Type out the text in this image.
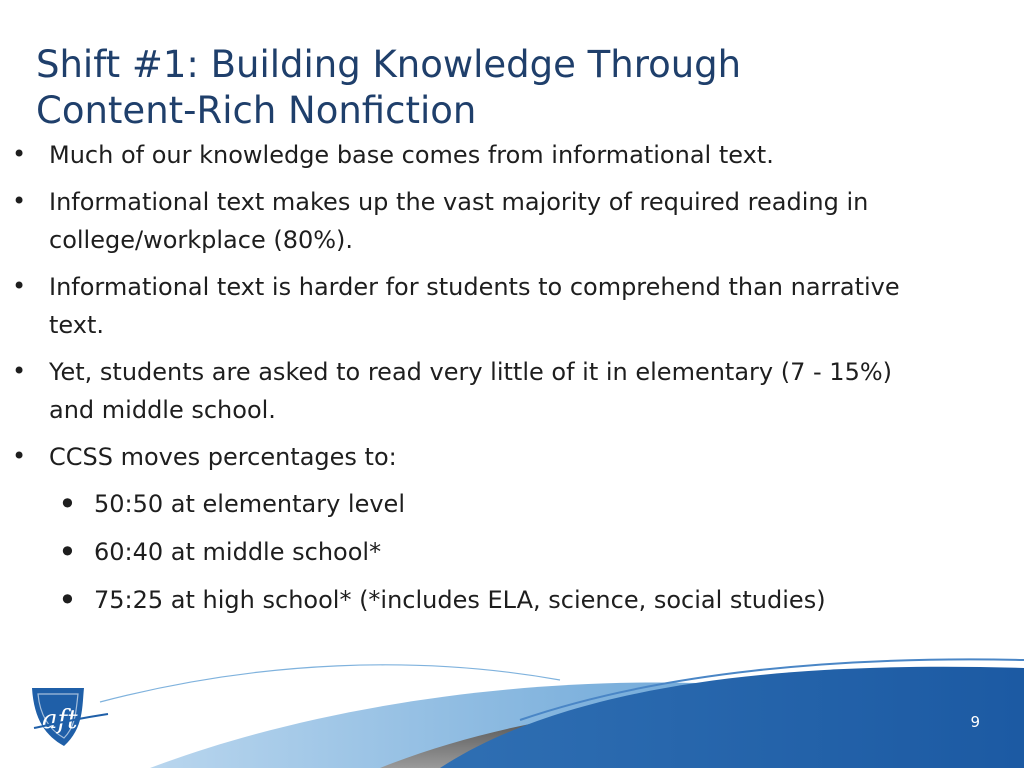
Shift #1: Building Knowledge Through
Content-Rich Nonfiction
• Much of our knowledge base comes from informational text.
• Informational text makes up the vast majority of required reading in college/workplace (80%).
• Informational text is harder for students to comprehend than narrative text.
• Yet, students are asked to read very little of it in elementary (7 - 15%) and middle school.
• CCSS moves percentages to:
• 50:50 at elementary level
• 60:40 at middle school*
• 75:25 at high school* (*includes ELA, science, social studies)
aft	9
